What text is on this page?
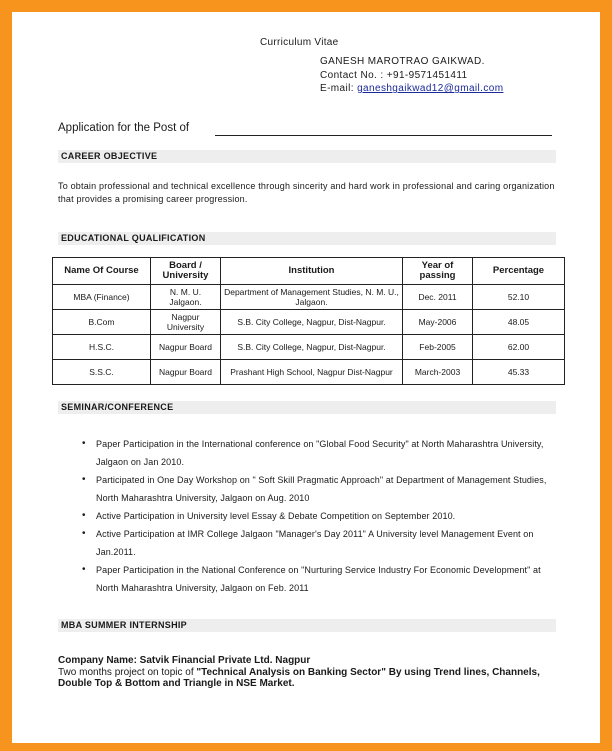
Curriculum Vitae
GANESH MAROTRAO GAIKWAD.
Contact No. : +91-9571451411
E-mail: ganeshgaikwad12@gmail.com
Application for the Post of
CAREER OBJECTIVE
To obtain professional and technical excellence through sincerity and hard work in professional and caring organization that provides a promising career progression.
EDUCATIONAL QUALIFICATION
Name Of Course	Board / University	Institution	Year of passing	Percentage
MBA (Finance)	N. M. U. Jalgaon.	Department of Management Studies, N. M. U., Jalgaon.	Dec. 2011	52.10
B.Com	Nagpur University	S.B. City College, Nagpur, Dist-Nagpur.	May-2006	48.05
H.S.C.	Nagpur Board	S.B. City College, Nagpur, Dist-Nagpur.	Feb-2005	62.00
S.S.C.	Nagpur Board	Prashant High School, Nagpur Dist-Nagpur	March-2003	45.33
SEMINAR/CONFERENCE
• Paper Participation in the International conference on "Global Food Security" at North Maharashtra University, Jalgaon on Jan 2010.
• Participated in One Day Workshop on " Soft Skill Pragmatic Approach" at Department of Management Studies, North Maharashtra University, Jalgaon on Aug. 2010
• Active Participation in University level Essay & Debate Competition on September 2010.
• Active Participation at IMR College Jalgaon "Manager's Day 2011" A University level Management Event on Jan.2011.
• Paper Participation in the National Conference on "Nurturing Service Industry For Economic Development" at North Maharashtra University, Jalgaon on Feb. 2011
MBA SUMMER INTERNSHIP
Company Name: Satvik Financial Private Ltd. Nagpur
Two months project on topic of "Technical Analysis on Banking Sector" By using Trend lines, Channels, Double Top & Bottom and Triangle in NSE Market.
